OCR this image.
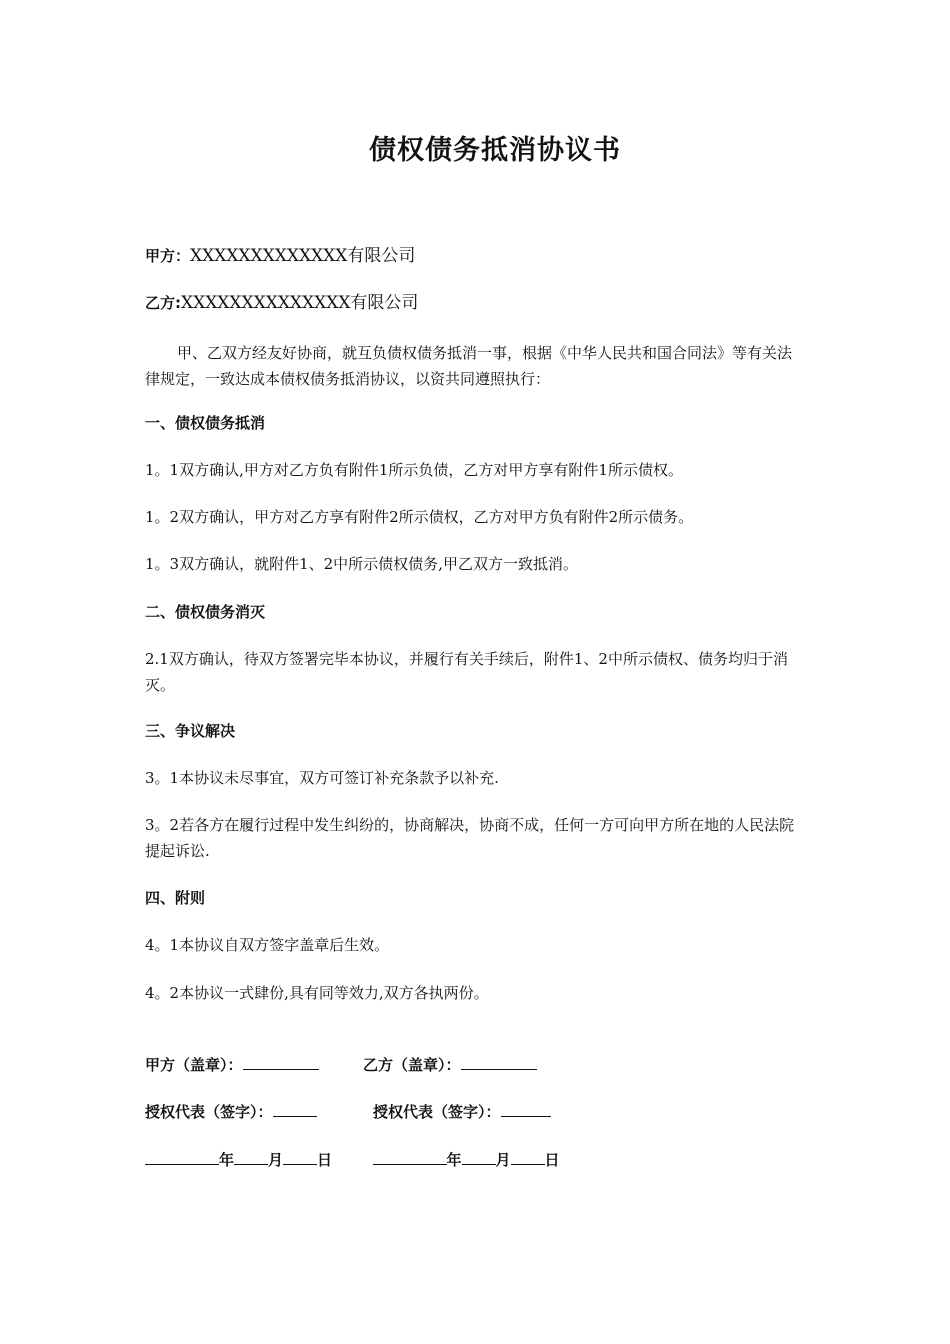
债权债务抵消协议书
甲方：XXXXXXXXXXXXX有限公司
乙方:XXXXXXXXXXXXXX有限公司
甲、乙双方经友好协商，就互负债权债务抵消一事，根据《中华人民共和国合同法》等有关法律规定，一致达成本债权债务抵消协议，以资共同遵照执行：
一、债权债务抵消
1。1双方确认,甲方对乙方负有附件1所示负债，乙方对甲方享有附件1所示债权。
1。2双方确认，甲方对乙方享有附件2所示债权，乙方对甲方负有附件2所示债务。
1。3双方确认，就附件1、2中所示债权债务,甲乙双方一致抵消。
二、债权债务消灭
2.1双方确认，待双方签署完毕本协议，并履行有关手续后，附件1、2中所示债权、债务均归于消灭。
三、争议解决
3。1本协议未尽事宜，双方可签订补充条款予以补充.
3。2若各方在履行过程中发生纠纷的，协商解决，协商不成，任何一方可向甲方所在地的人民法院提起诉讼.
四、附则
4。1本协议自双方签字盖章后生效。
4。2本协议一式肆份,具有同等效力,双方各执两份。
甲方（盖章）：	乙方（盖章）：
授权代表（签字）：	授权代表（签字）：
年 月 日	年 月 日
